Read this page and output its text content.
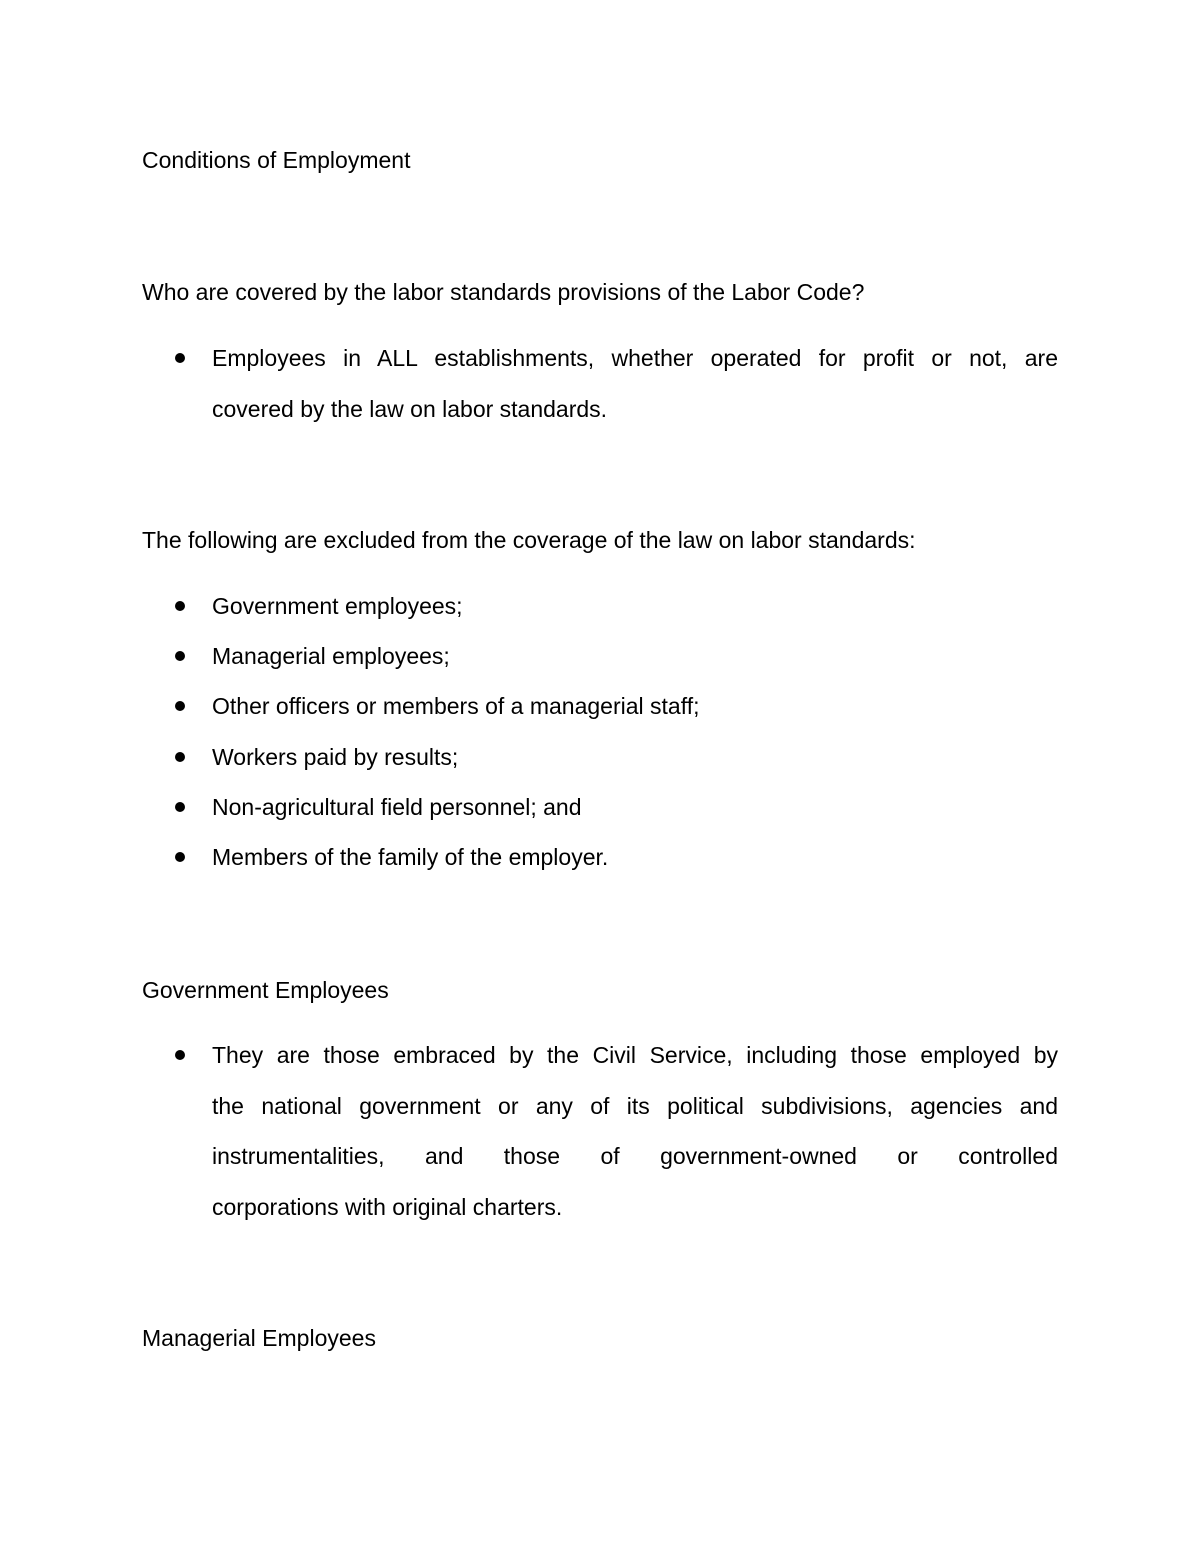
Conditions of Employment
Who are covered by the labor standards provisions of the Labor Code?
Employees in ALL establishments, whether operated for profit or not, are
covered by the law on labor standards.
The following are excluded from the coverage of the law on labor standards:
Government employees;
Managerial employees;
Other officers or members of a managerial staff;
Workers paid by results;
Non-agricultural field personnel; and
Members of the family of the employer.
Government Employees
They are those embraced by the Civil Service, including those employed by
the national government or any of its political subdivisions, agencies and
instrumentalities, and those of government-owned or controlled
corporations with original charters.
Managerial Employees
